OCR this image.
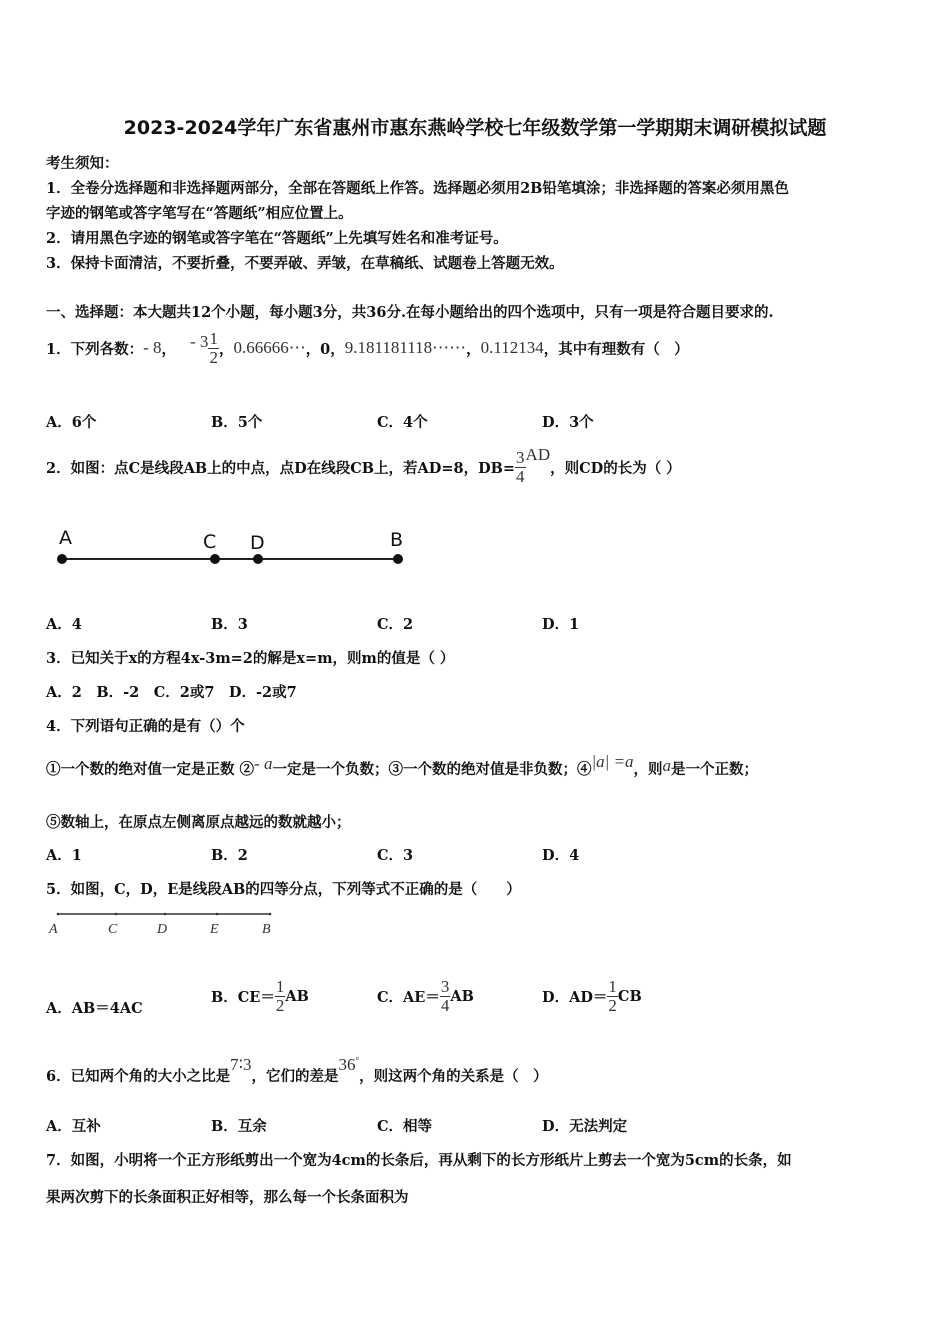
2023-2024学年广东省惠州市惠东燕岭学校七年级数学第一学期期末调研模拟试题
考生须知：
1．全卷分选择题和非选择题两部分，全部在答题纸上作答。选择题必须用2B铅笔填涂；非选择题的答案必须用黑色
字迹的钢笔或答字笔写在“答题纸”相应位置上。
2．请用黑色字迹的钢笔或答字笔在“答题纸”上先填写姓名和准考证号。
3．保持卡面清洁，不要折叠，不要弄破、弄皱，在草稿纸、试题卷上答题无效。
一、选择题：本大题共12个小题，每小题3分，共36分.在每小题给出的四个选项中，只有一项是符合题目要求的.
1．下列各数： - 8 ， - $3 \frac{1}{2}$ ， 0.66666⋯ ，0， 9.181181118⋯⋯ ， 0.112134 ，其中有理数有（　）
A．6个	B．5个	C．4个	D．3个
2．如图：点C是线段AB上的中点，点D在线段CB上，若AD=8，$DB= \frac{3}{4}$ AD
，则CD的长为（ ）
A	C D	B
A．4	B．3	C．2	D．1
3．已知关于x的方程4x-3m=2的解是x=m，则m的值是（ ）
A．2　B．-2　C．2或7　D．-2或7
4．下列语句正确的是有（）个
①一个数的绝对值一定是正数 ② - a 一定是一个负数；③一个数的绝对值是非负数；④ |a| =a ，则 a 是一个正数；
⑤数轴上，在原点左侧离原点越远的数就越小；
A．1	B．2	C．3	D．4
5．如图，C，D，E是线段AB的四等分点，下列等式不正确的是（　　）
A	C	D	E	B
A．AB＝4AC
B．$CE= \frac{1}{2}$ AB	C．$AE= \frac{3}{4}$ AB	D．$AD= \frac{1}{2}$ CB
6．已知两个角的大小之比是
7∶3
，它们的差是
36°
，则这两个角的关系是（　）
A．互补	B．互余	C．相等	D．无法判定
7．如图，小明将一个正方形纸剪出一个宽为4cm的长条后，再从剩下的长方形纸片上剪去一个宽为5cm的长条，如
果两次剪下的长条面积正好相等，那么每一个长条面积为
